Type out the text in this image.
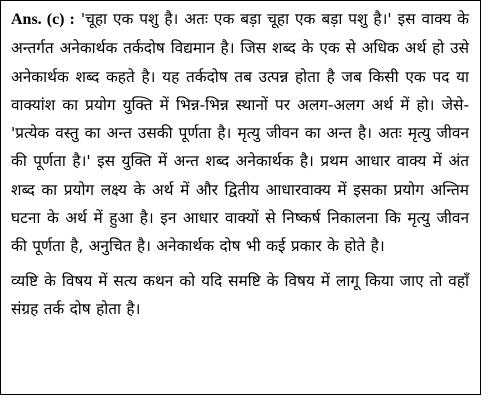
Ans. (c) : 'चूहा एक पशु है। अतः एक बड़ा चूहा एक बड़ा पशु है।' इस वाक्य के अन्तर्गत अनेकार्थक तर्कदोष विद्यमान है। जिस शब्द के एक से अधिक अर्थ हो उसे अनेकार्थक शब्द कहते है। यह तर्कदोष तब उत्पन्न होता है जब किसी एक पद या वाक्यांश का प्रयोग युक्ति में भिन्न-भिन्न स्थानों पर अलग-अलग अर्थ में हो। जेसे- 'प्रत्येक वस्तु का अन्त उसकी पूर्णता है। मृत्यु जीवन का अन्त है। अतः मृत्यु जीवन की पूर्णता है।' इस युक्ति में अन्त शब्द अनेकार्थक है। प्रथम आधार वाक्य में अंत शब्द का प्रयोग लक्ष्य के अर्थ में और द्वितीय आधारवाक्य में इसका प्रयोग अन्तिम घटना के अर्थ में हुआ है। इन आधार वाक्यों से निष्कर्ष निकालना कि मृत्यु जीवन की पूर्णता है, अनुचित है। अनेकार्थक दोष भी कई प्रकार के होते है।

व्यष्टि के विषय में सत्य कथन को यदि समष्टि के विषय में लागू किया जाए तो वहाँ संग्रह तर्क दोष होता है।
